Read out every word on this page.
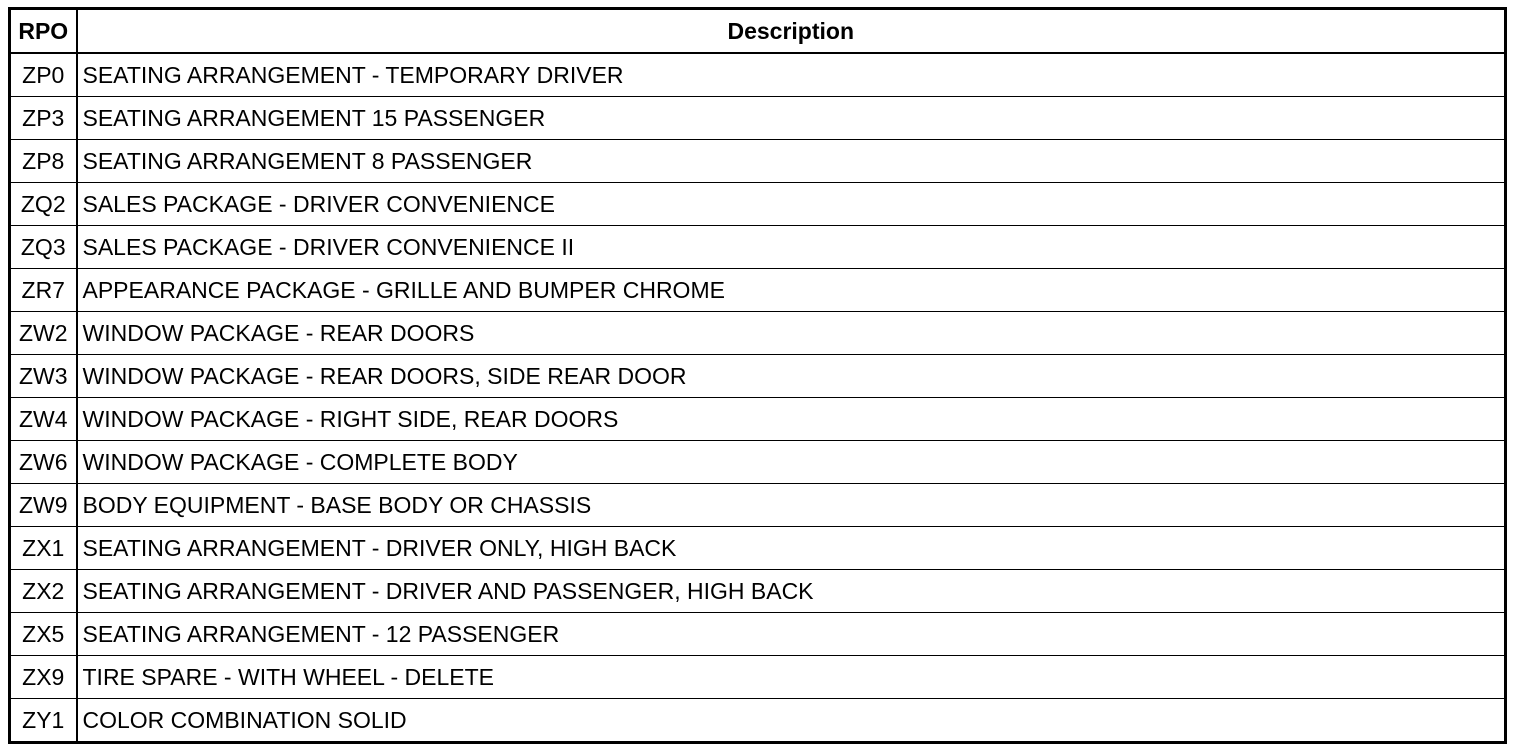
RPO	Description
ZP0	SEATING ARRANGEMENT - TEMPORARY DRIVER
ZP3	SEATING ARRANGEMENT 15 PASSENGER
ZP8	SEATING ARRANGEMENT 8 PASSENGER
ZQ2	SALES PACKAGE - DRIVER CONVENIENCE
ZQ3	SALES PACKAGE - DRIVER CONVENIENCE II
ZR7	APPEARANCE PACKAGE - GRILLE AND BUMPER CHROME
ZW2	WINDOW PACKAGE - REAR DOORS
ZW3	WINDOW PACKAGE - REAR DOORS, SIDE REAR DOOR
ZW4	WINDOW PACKAGE - RIGHT SIDE, REAR DOORS
ZW6	WINDOW PACKAGE - COMPLETE BODY
ZW9	BODY EQUIPMENT - BASE BODY OR CHASSIS
ZX1	SEATING ARRANGEMENT - DRIVER ONLY, HIGH BACK
ZX2	SEATING ARRANGEMENT - DRIVER AND PASSENGER, HIGH BACK
ZX5	SEATING ARRANGEMENT - 12 PASSENGER
ZX9	TIRE SPARE - WITH WHEEL - DELETE
ZY1	COLOR COMBINATION SOLID
